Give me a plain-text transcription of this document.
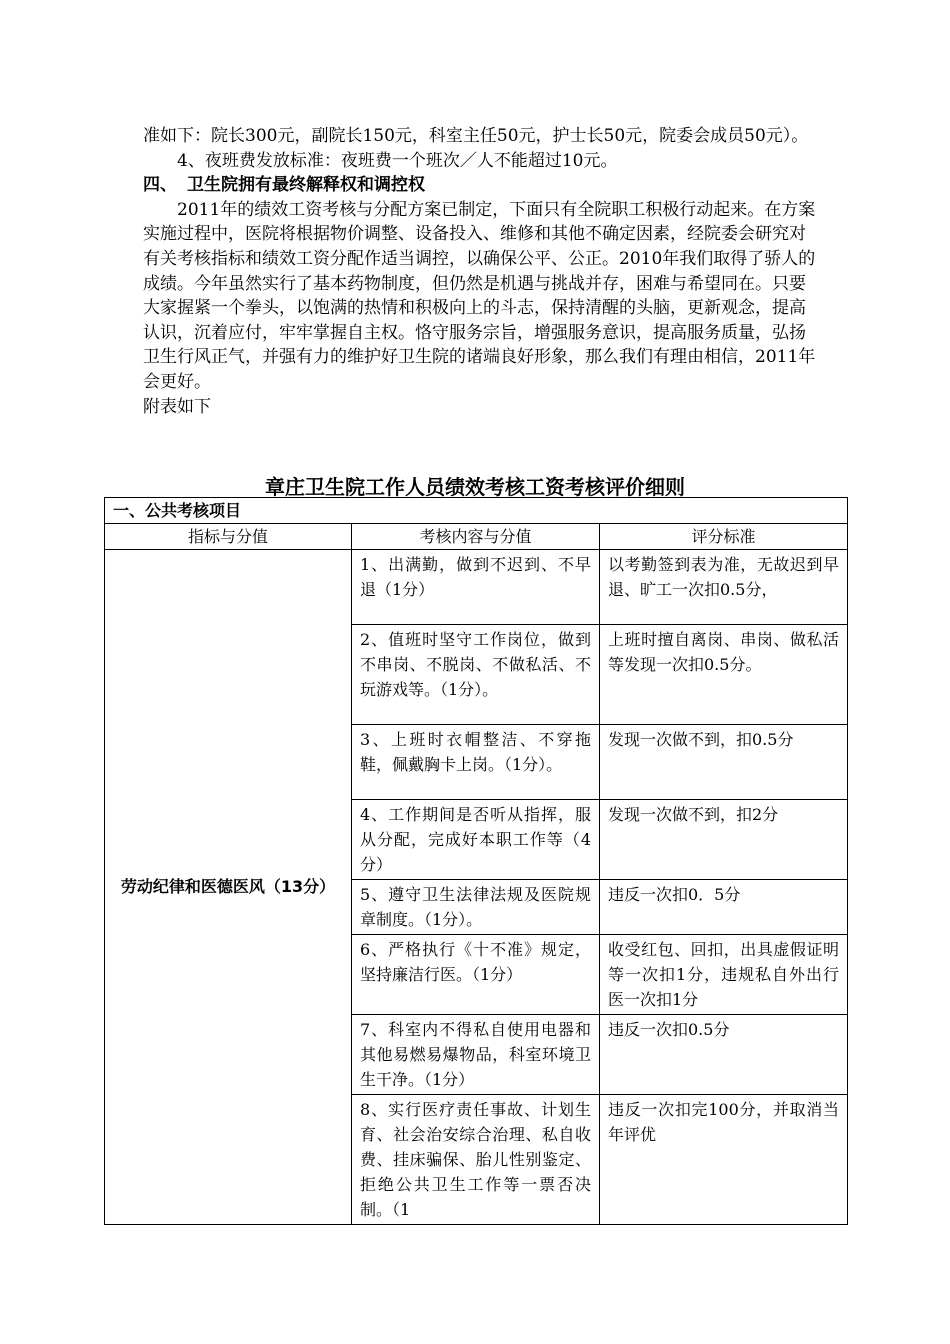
准如下：院长300元，副院长150元，科室主任50元，护士长50元，院委会成员50元）。

4、夜班费发放标准：夜班费一个班次／人不能超过10元。

四、 卫生院拥有最终解释权和调控权

2011年的绩效工资考核与分配方案已制定，下面只有全院职工积极行动起来。在方案实施过程中，医院将根据物价调整、设备投入、维修和其他不确定因素，经院委会研究对有关考核指标和绩效工资分配作适当调控，以确保公平、公正。2010年我们取得了骄人的成绩。今年虽然实行了基本药物制度，但仍然是机遇与挑战并存，困难与希望同在。只要大家握紧一个拳头，以饱满的热情和积极向上的斗志，保持清醒的头脑，更新观念，提高认识，沉着应付，牢牢掌握自主权。恪守服务宗旨，增强服务意识，提高服务质量，弘扬卫生行风正气，并强有力的维护好卫生院的诸端良好形象，那么我们有理由相信，2011年会更好。

附表如下

章庄卫生院工作人员绩效考核工资考核评价细则
一、公共考核项目		
指标与分值	考核内容与分值	评分标准
劳动纪律和医德医风（13分）	1、出满勤，做到不迟到、不早退（1分）	以考勤签到表为准，无故迟到早退、旷工一次扣0.5分，

	2、值班时坚守工作岗位，做到不串岗、不脱岗、不做私活、不玩游戏等。（1分）。	上班时擅自离岗、串岗、做私活等发现一次扣0.5分。

	3、上班时衣帽整洁、不穿拖鞋，佩戴胸卡上岗。（1分）。	发现一次做不到，扣0.5分

	4、工作期间是否听从指挥，服从分配，完成好本职工作等（4分）	发现一次做不到，扣2分

	5、遵守卫生法律法规及医院规章制度。（1分）。	违反一次扣0．5分

	6、严格执行《十不准》规定，坚持廉洁行医。（1分）	收受红包、回扣，出具虚假证明等一次扣1分，违规私自外出行医一次扣1分

	7、科室内不得私自使用电器和其他易燃易爆物品，科室环境卫生干净。（1分）	违反一次扣0.5分

	8、实行医疗责任事故、计划生育、社会治安综合治理、私自收费、挂床骗保、胎儿性别鉴定、拒绝公共卫生工作等一票否决制。（1	违反一次扣完100分，并取消当年评优
